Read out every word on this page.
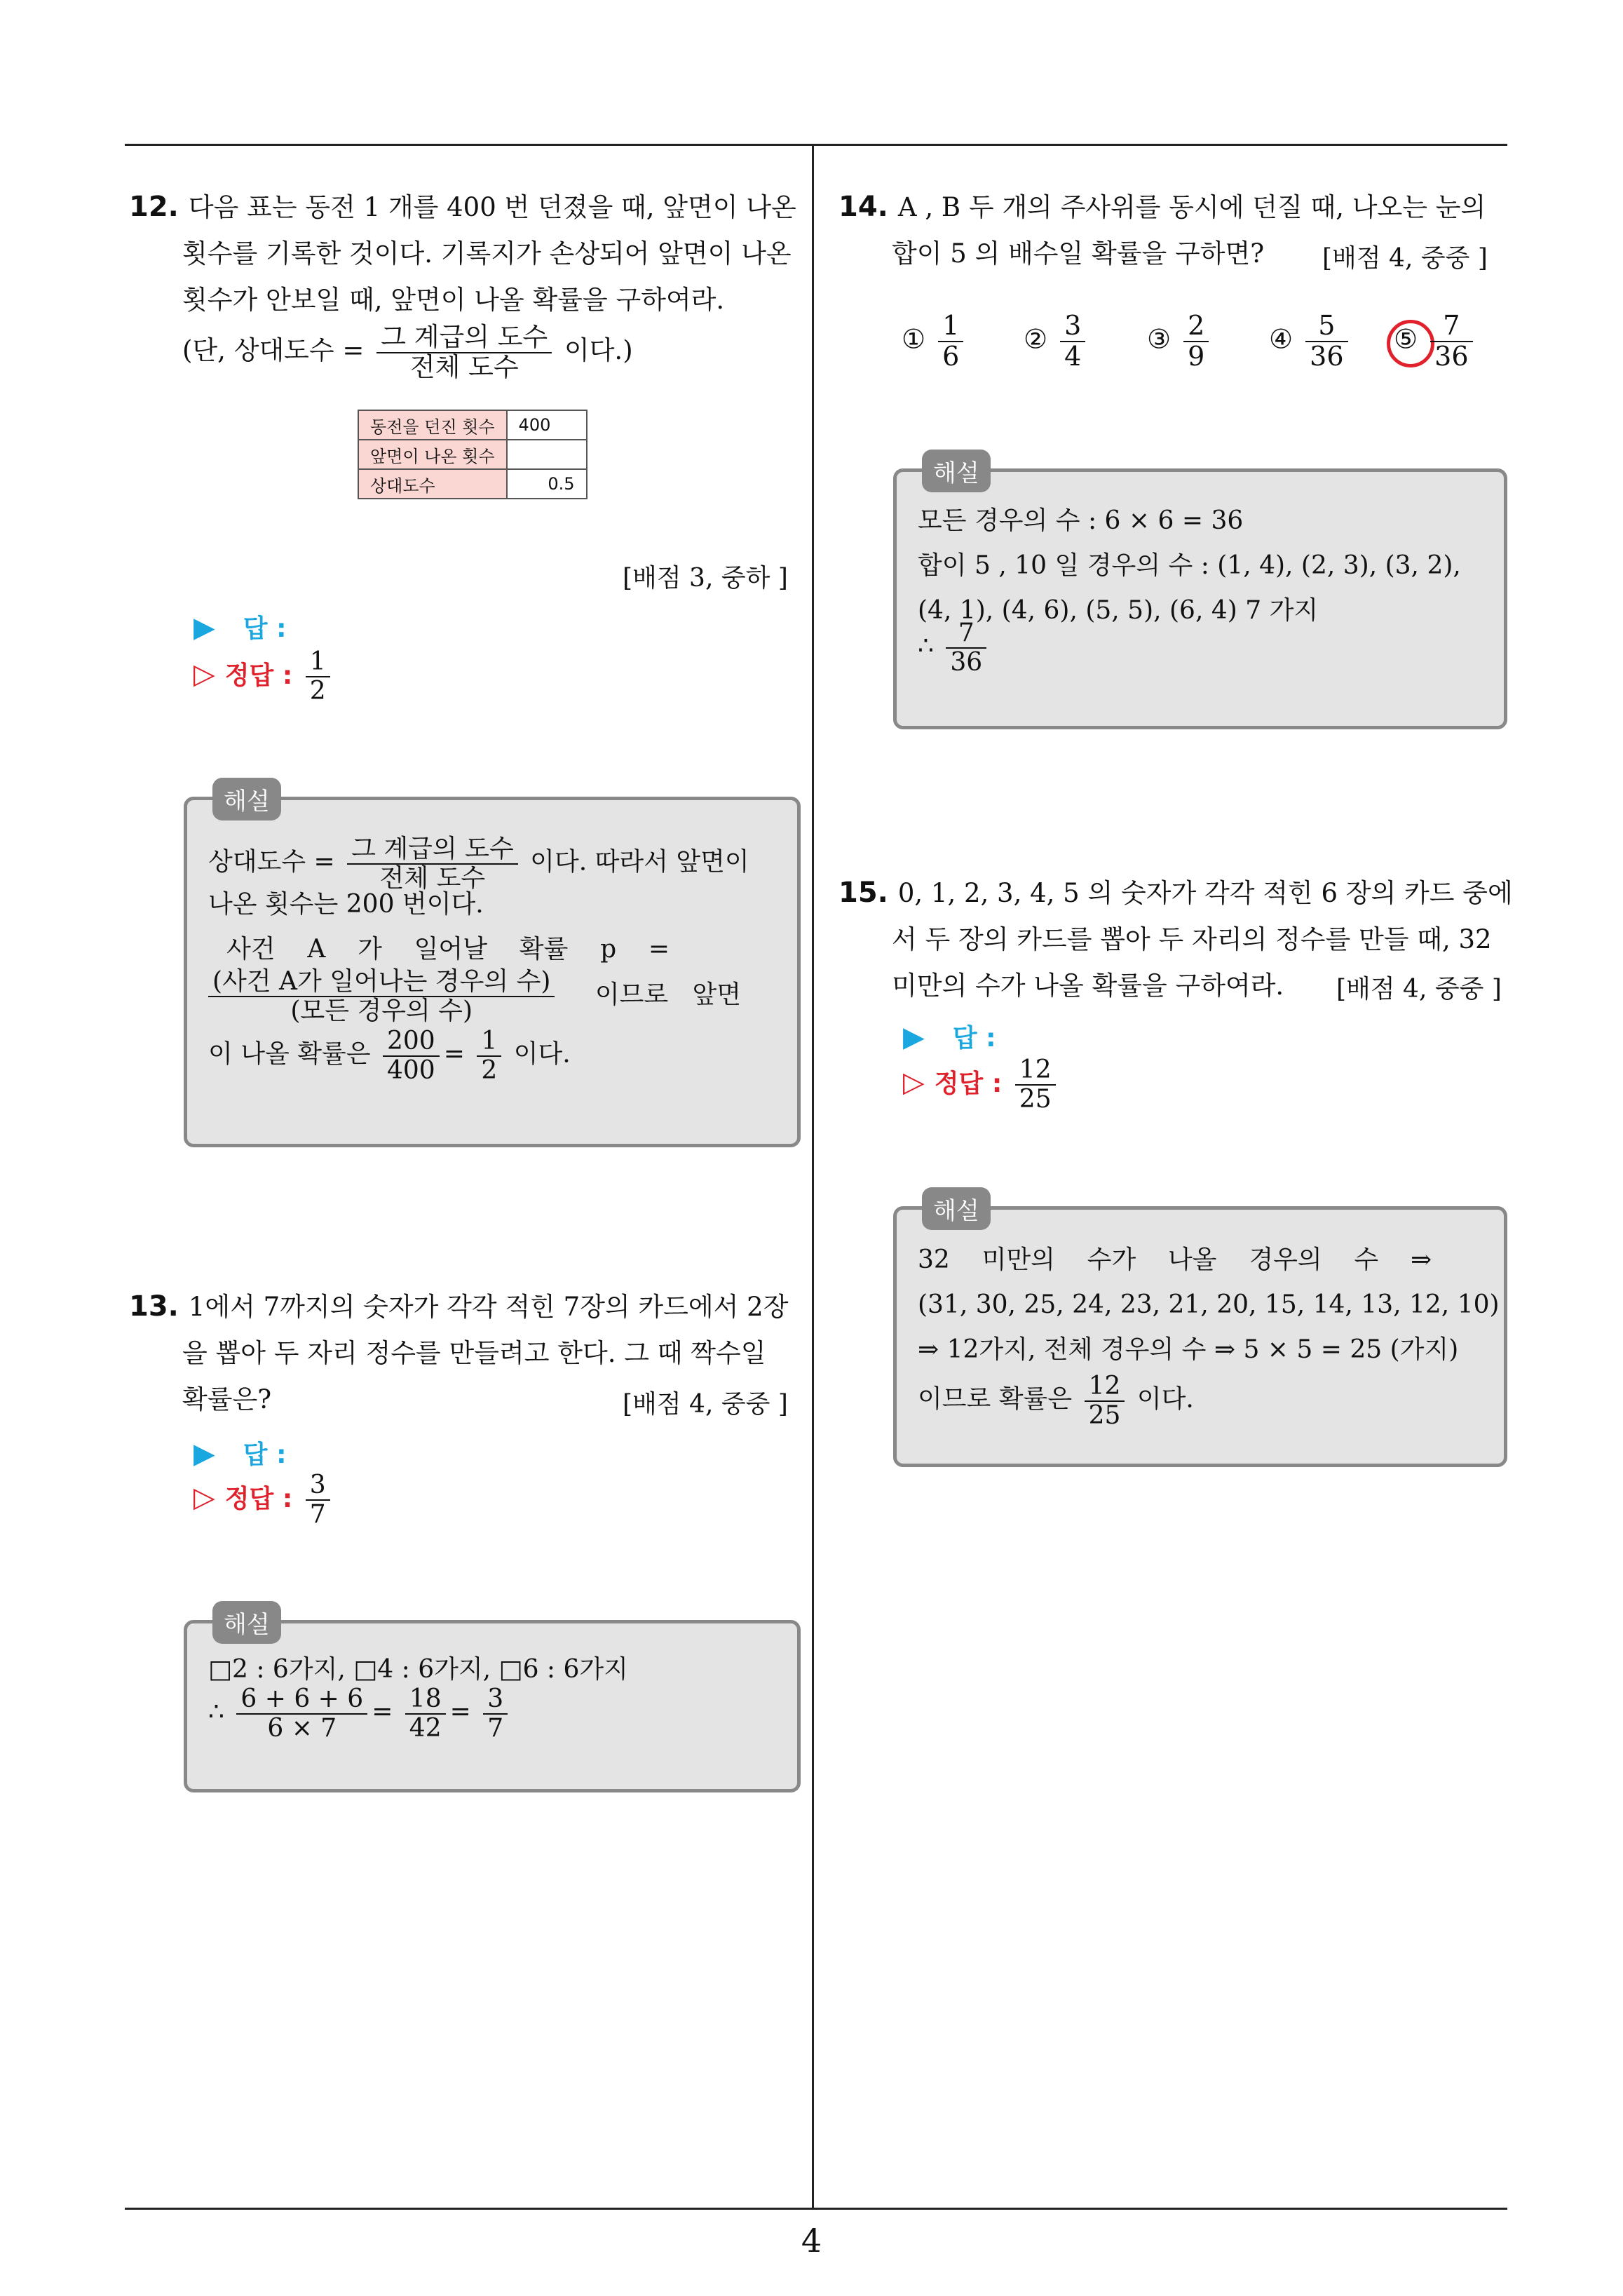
4
12. 다음 표는 동전 1 개를 400 번 던졌을 때, 앞면이 나온
횟수를 기록한 것이다. 기록지가 손상되어 앞면이 나온
횟수가 안보일 때, 앞면이 나올 확률을 구하여라.
(단, 상대도수 = $\frac{\text{그 계급의 도수}}{\text{전체 도수}}$ 이다.)
동전을 던진 횟수	400
앞면이 나온 횟수	
상대도수	0.5
[배점 3, 중하 ]
▶ 답 :
▷ 정답 : $\frac{1}{2}$
해설
상대도수 = $\frac{\text{그 계급의 도수}}{\text{전체 도수}}$ 이다. 따라서 앞면이
나온 횟수는 200 번이다.
사건    A    가    일어날    확률    p    =
$\frac{\text{(사건 A가 일어나는 경우의 수)}}{\text{(모든 경우의 수)}}$ 이므로   앞면
이 나올 확률은 $\frac{200}{400} = \frac{1}{2}$ 이다.
13. 1에서 7까지의 숫자가 각각 적힌 7장의 카드에서 2장
을 뽑아 두 자리 정수를 만들려고 한다. 그 때 짝수일
확률은?	[배점 4, 중중 ]
▶ 답 :
▷ 정답 : $\frac{3}{7}$
해설
□2 : 6가지, □4 : 6가지, □6 : 6가지
∴ $\frac{6 + 6 + 6}{6 \times 7} = \frac{18}{42} = \frac{3}{7}$
14. A , B 두 개의 주사위를 동시에 던질 때, 나오는 눈의
합이 5 의 배수일 확률을 구하면?	[배점 4, 중중 ]
① $\frac{1}{6}$ ② $\frac{3}{4}$ ③ $\frac{2}{9}$ ④ $\frac{5}{36}$ ⑤ $\frac{7}{36}$
해설
모든 경우의 수 : 6 × 6 = 36
합이 5 , 10 일 경우의 수 : (1, 4), (2, 3), (3, 2),
(4, 1), (4, 6), (5, 5), (6, 4) 7 가지
∴ $\frac{7}{36}$
15. 0, 1, 2, 3, 4, 5 의 숫자가 각각 적힌 6 장의 카드 중에
서 두 장의 카드를 뽑아 두 자리의 정수를 만들 때, 32
미만의 수가 나올 확률을 구하여라.	[배점 4, 중중 ]
▶ 답 :
▷ 정답 : $\frac{12}{25}$
해설
32    미만의    수가    나올    경우의    수    ⇒
(31, 30, 25, 24, 23, 21, 20, 15, 14, 13, 12, 10)
⇒ 12가지, 전체 경우의 수 ⇒ 5 × 5 = 25 (가지)
이므로 확률은 $\frac{12}{25}$ 이다.
